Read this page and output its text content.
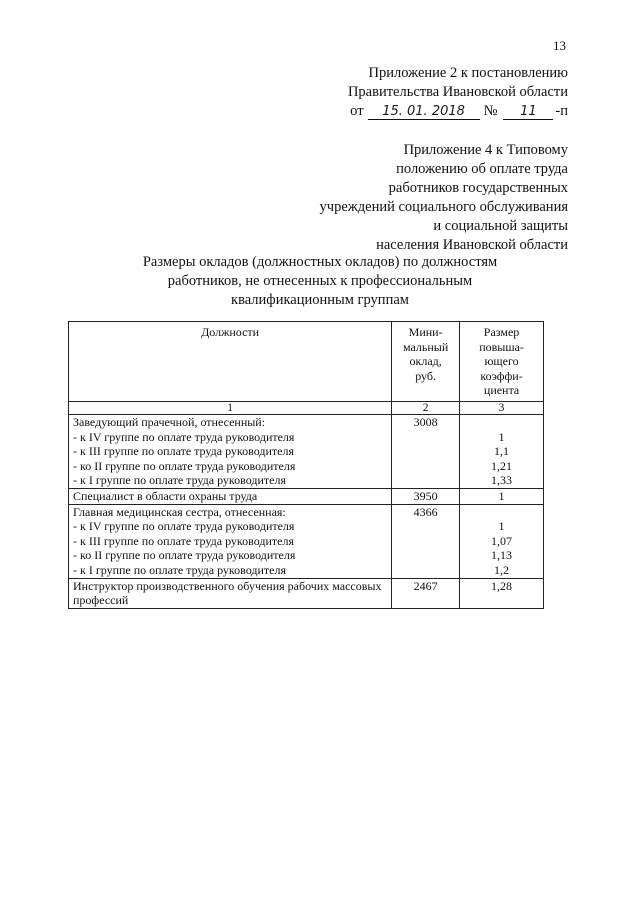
13
Приложение 2 к постановлению
Правительства Ивановской области
от	15. 01. 2018	№	11	-п
Приложение 4 к Типовому
положению об оплате труда
работников государственных
учреждений социального обслуживания
и социальной защиты
населения Ивановской области
Размеры окладов (должностных окладов) по должностям
работников, не отнесенных к профессиональным
квалификационным группам
Должности	Мини-
мальный
оклад,
руб.	Размер
повыша-
ющего
коэффи-
циента
1	2	3
Заведующий прачечной, отнесенный:	3008	
- к IV группе по оплате труда руководителя		1
- к III группе по оплате труда руководителя		1,1
- ко II группе по оплате труда руководителя		1,21
- к I группе по оплате труда руководителя		1,33
Специалист в области охраны труда	3950	1
Главная медицинская сестра, отнесенная:	4366	
- к IV группе по оплате труда руководителя		1
- к III группе по оплате труда руководителя		1,07
- ко II группе по оплате труда руководителя		1,13
- к I группе по оплате труда руководителя		1,2
Инструктор производственного обучения рабочих массовых профессий	2467	1,28
